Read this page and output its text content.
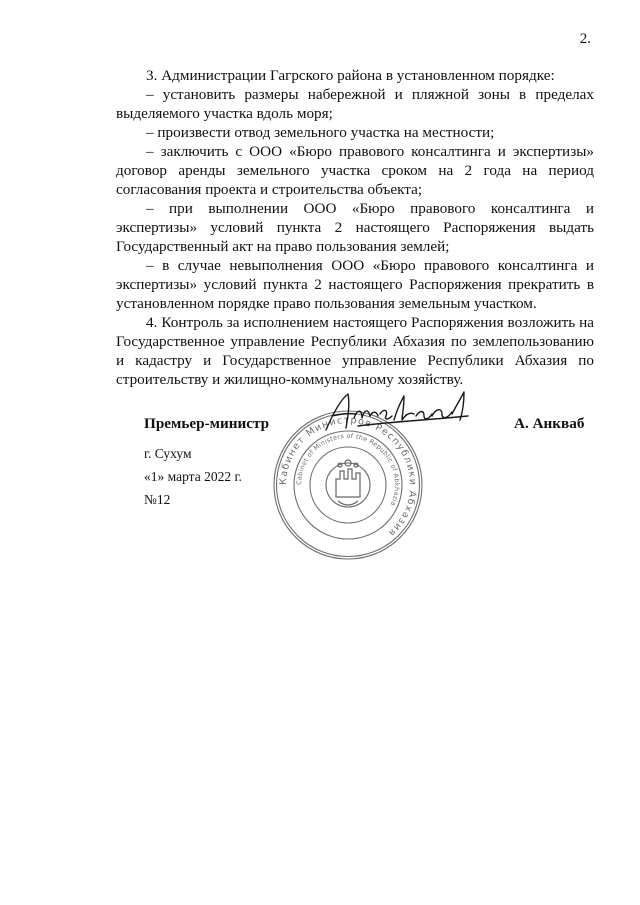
2.

3. Администрации Гагрского района в установленном порядке:

– установить размеры набережной и пляжной зоны в пределах выделяемого участка вдоль моря;

– произвести отвод земельного участка на местности;

– заключить с ООО «Бюро правового консалтинга и экспертизы» договор аренды земельного участка сроком на 2 года на период согласования проекта и строительства объекта;

– при выполнении ООО «Бюро правового консалтинга и экспертизы» условий пункта 2 настоящего Распоряжения выдать Государственный акт на право пользования землей;

– в случае невыполнения ООО «Бюро правового консалтинга и экспертизы» условий пункта 2 настоящего Распоряжения прекратить в установленном порядке право пользования земельным участком.

4. Контроль за исполнением настоящего Распоряжения возложить на Государственное управление Республики Абхазия по землепользованию и кадастру и Государственное управление Республики Абхазия по строительству и жилищно-коммунальному хозяйству.

Кабинет Министров Республики Абхазия
Cabinet of Ministers of the Republic of Abkhazia
Премьер-министр	А. Анкваб
г. Сухум
«1» марта 2022 г.
№12
